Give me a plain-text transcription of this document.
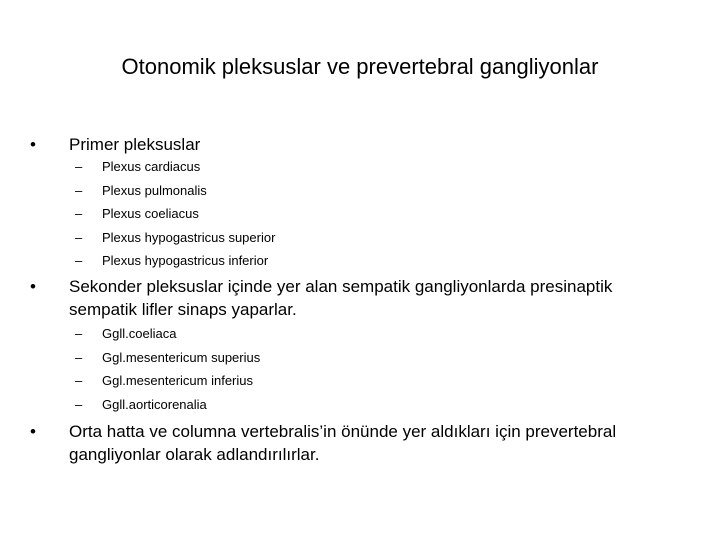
Otonomik pleksuslar ve prevertebral gangliyonlar
•	Primer pleksuslar
– Plexus cardiacus
– Plexus pulmonalis
– Plexus coeliacus
– Plexus hypogastricus superior
– Plexus hypogastricus inferior
•	Sekonder pleksuslar içinde yer alan sempatik gangliyonlarda presinaptik sempatik lifler sinaps yaparlar.
– Ggll.coeliaca
– Ggl.mesentericum superius
– Ggl.mesentericum inferius
– Ggll.aorticorenalia
•	Orta hatta ve columna vertebralis’in önünde yer aldıkları için prevertebral gangliyonlar olarak adlandırılırlar.
